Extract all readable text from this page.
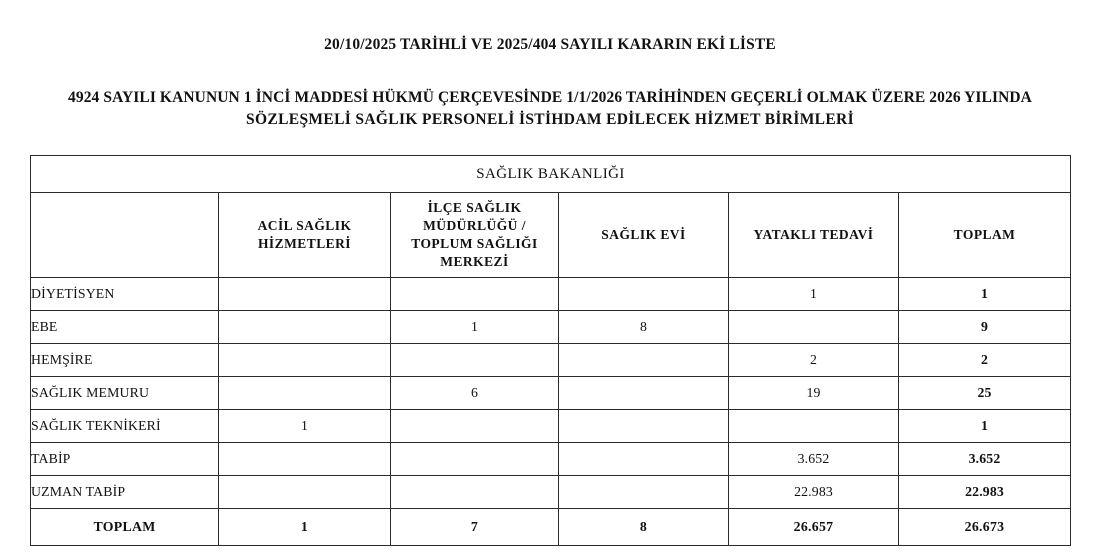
20/10/2025 TARİHLİ VE 2025/404 SAYILI KARARIN EKİ LİSTE

4924 SAYILI KANUNUN 1 İNCİ MADDESİ HÜKMÜ ÇERÇEVESİNDE 1/1/2026 TARİHİNDEN GEÇERLİ OLMAK ÜZERE 2026 YILINDA

SÖZLEŞMELİ SAĞLIK PERSONELİ İSTİHDAM EDİLECEK HİZMET BİRİMLERİ

SAĞLIK BAKANLIĞI					
	ACİL SAĞLIK HİZMETLERİ	İLÇE SAĞLIK MÜDÜRLÜĞÜ / TOPLUM SAĞLIĞI MERKEZİ	SAĞLIK EVİ	YATAKLI TEDAVİ	TOPLAM
DİYETİSYEN				1	1
EBE		1	8		9
HEMŞİRE				2	2
SAĞLIK MEMURU		6		19	25
SAĞLIK TEKNİKERİ	1				1
TABİP				3.652	3.652
UZMAN TABİP				22.983	22.983
TOPLAM	1	7	8	26.657	26.673
